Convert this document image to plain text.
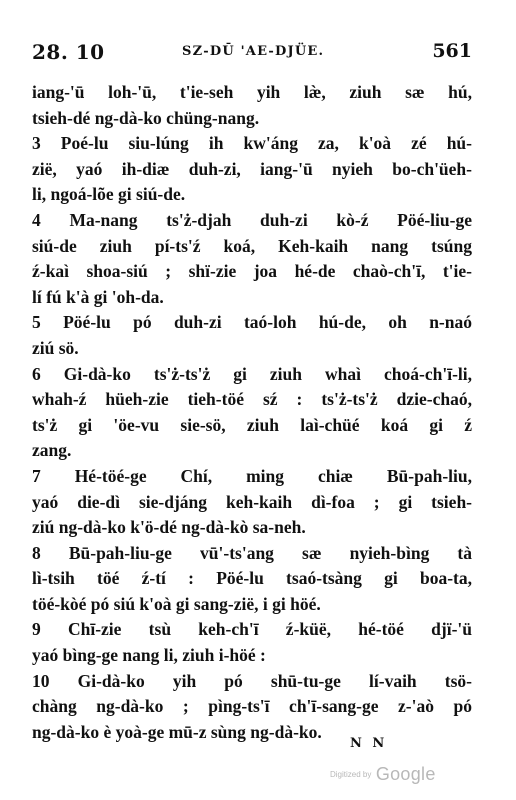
28. 10	SZ-DŪ 'AE-DJÜE.	561
iang-'ū loh-'ū, t'ie-seh yih læ̀, ziuh sæ hú,
tsieh-dé ng-dà-ko chüng-nang.
3 Poé-lu siu-lúng ih kw'áng za, k'oà zé hú-
zië, yaó ih-diæ duh-zi, iang-'ū nyieh bo-ch'üeh-
li, ngoá-lõe gi siú-de.
4 Ma-nang ts'ż-djah duh-zi kò-ź Pöé-liu-ge
siú-de ziuh pí-ts'ź koá, Keh-kaih nang tsúng
ź-kaì shoa-siú ; shï-zie joa hé-de chaò-ch'ī, t'ie-
lí fú k'à gi 'oh-da.
5 Pöé-lu pó duh-zi taó-loh hú-de, oh n-naó
ziú sö.
6 Gi-dà-ko ts'ż-ts'ż gi ziuh whaì choá-ch'ī-li,
whah-ź hüeh-zie tieh-töé sź : ts'ż-ts'ż dzie-chaó,
ts'ż gi 'öe-vu sie-sö, ziuh laì-chüé koá gi ź
zang.
7 Hé-töé-ge Chí, ming chiæ Bū-pah-liu,
yaó die-dì sie-djáng keh-kaih dì-foa ; gi tsieh-
ziú ng-dà-ko k'ö-dé ng-dà-kò sa-neh.
8 Bū-pah-liu-ge vū'-ts'ang sæ nyieh-bìng tà
lì-tsih töé ź-tí : Pöé-lu tsaó-tsàng gi boa-ta,
töé-kòé pó siú k'oà gi sang-zië, i gi höé.
9 Chī-zie tsù keh-ch'ī ź-küë, hé-töé djï-'ü
yaó bìng-ge nang li, ziuh i-höé :
10 Gi-dà-ko yih pó shū-tu-ge lí-vaih tsö-
chàng ng-dà-ko ; pìng-ts'ī ch'ī-sang-ge z-'aò pó
ng-dà-ko è yoà-ge mū-z sùng ng-dà-ko.
N N
Digitized by Google
